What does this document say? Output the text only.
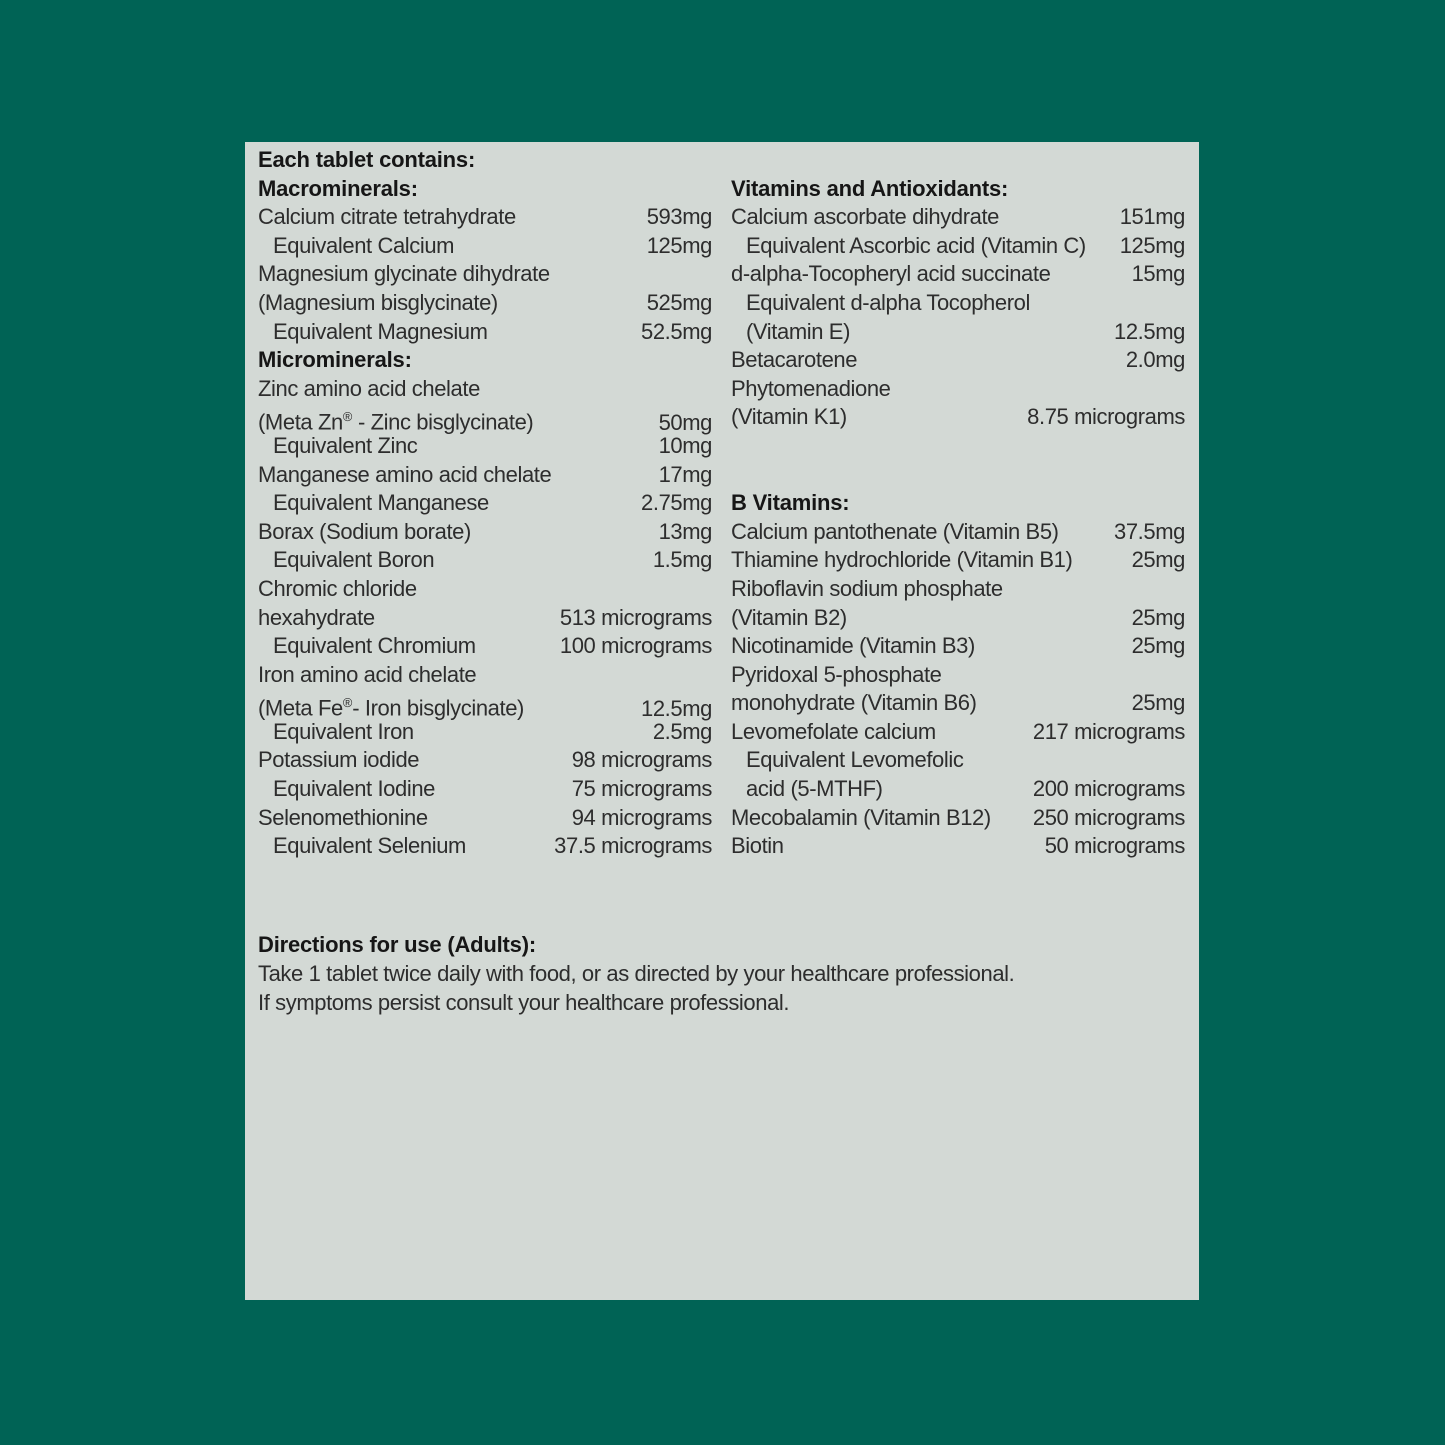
Each tablet contains:
Macrominerals:
Calcium citrate tetrahydrate	593mg
Equivalent Calcium	125mg
Magnesium glycinate dihydrate
(Magnesium bisglycinate)	525mg
Equivalent Magnesium	52.5mg
Microminerals:
Zinc amino acid chelate
(Meta Zn® - Zinc bisglycinate)	50mg
Equivalent Zinc	10mg
Manganese amino acid chelate	17mg
Equivalent Manganese	2.75mg
Borax (Sodium borate)	13mg
Equivalent Boron	1.5mg
Chromic chloride
hexahydrate	513 micrograms
Equivalent Chromium	100 micrograms
Iron amino acid chelate
(Meta Fe®- Iron bisglycinate)	12.5mg
Equivalent Iron	2.5mg
Potassium iodide	98 micrograms
Equivalent Iodine	75 micrograms
Selenomethionine	94 micrograms
Equivalent Selenium	37.5 micrograms
Vitamins and Antioxidants:
Calcium ascorbate dihydrate	151mg
Equivalent Ascorbic acid (Vitamin C)	125mg
d-alpha-Tocopheryl acid succinate	15mg
Equivalent d-alpha Tocopherol
(Vitamin E)	12.5mg
Betacarotene	2.0mg
Phytomenadione
(Vitamin K1)	8.75 micrograms
B Vitamins:
Calcium pantothenate (Vitamin B5)	37.5mg
Thiamine hydrochloride (Vitamin B1)	25mg
Riboflavin sodium phosphate
(Vitamin B2)	25mg
Nicotinamide (Vitamin B3)	25mg
Pyridoxal 5-phosphate
monohydrate (Vitamin B6)	25mg
Levomefolate calcium	217 micrograms
Equivalent Levomefolic
acid (5-MTHF)	200 micrograms
Mecobalamin (Vitamin B12)	250 micrograms
Biotin	50 micrograms
Directions for use (Adults):
Take 1 tablet twice daily with food, or as directed by your healthcare professional.
If symptoms persist consult your healthcare professional.
